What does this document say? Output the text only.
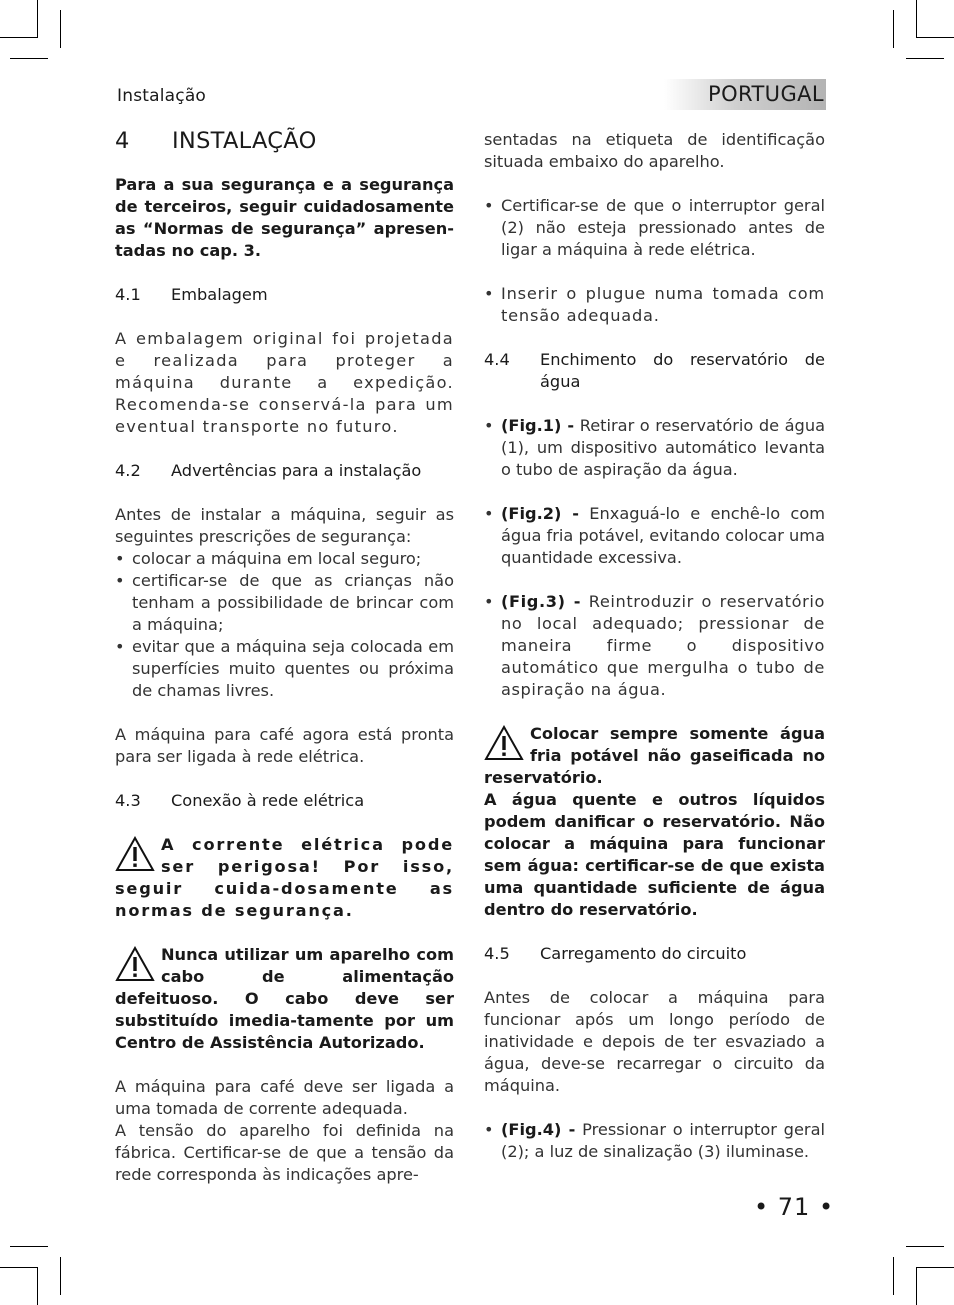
Instalação	PORTUGAL
4	INSTALAÇÃO

Para a sua segurança e a segurança de terceiros, seguir cuidadosamente as “Normas de segurança” apresen-tadas no cap. 3.

4.1	Embalagem

A embalagem original foi projetada e realizada para proteger a máquina durante a expedição. Recomenda-se conservá-la para um eventual transporte no futuro.

4.2	Advertências para a instalação

Antes de instalar a máquina, seguir as seguintes prescrições de segurança:

• colocar a máquina em local seguro;
• certificar-se de que as crianças não tenham a possibilidade de brincar com a máquina;
• evitar que a máquina seja colocada em superfícies muito quentes ou próxima de chamas livres.

A máquina para café agora está pronta para ser ligada à rede elétrica.

4.3	Conexão à rede elétrica
A corrente elétrica pode ser perigosa! Por isso, seguir cuida-dosamente as normas de segurança.
Nunca utilizar um aparelho com cabo de alimentação defeituoso. O cabo deve ser substituído imedia-tamente por um Centro de Assistência Autorizado.

A máquina para café deve ser ligada a uma tomada de corrente adequada.

A tensão do aparelho foi definida na fábrica. Certificar-se de que a tensão da rede corresponda às indicações apre-

sentadas na etiqueta de identificação situada embaixo do aparelho.

• Certificar-se de que o interruptor geral (2) não esteja pressionado antes de ligar a máquina à rede elétrica.
• Inserir o plugue numa tomada com tensão adequada.
4.4	Enchimento do reservatório de água
• (Fig.1) - Retirar o reservatório de água (1), um dispositivo automático levanta o tubo de aspiração da água.
• (Fig.2) - Enxaguá-lo e enchê-lo com água fria potável, evitando colocar uma quantidade excessiva.
• (Fig.3) - Reintroduzir o reservatório no local adequado; pressionar de maneira firme o dispositivo automático que mergulha o tubo de aspiração na água.
Colocar sempre somente água fria potável não gaseificada no reservatório.

A água quente e outros líquidos podem danificar o reservatório. Não colocar a máquina para funcionar sem água: certificar-se de que exista uma quantidade suficiente de água dentro do reservatório.

4.5	Carregamento do circuito

Antes de colocar a máquina para funcionar após um longo período de inatividade e depois de ter esvaziado a água, deve-se recarregar o circuito da máquina.

• (Fig.4) - Pressionar o interruptor geral (2); a luz de sinalização (3) iluminase.
• 71 •
